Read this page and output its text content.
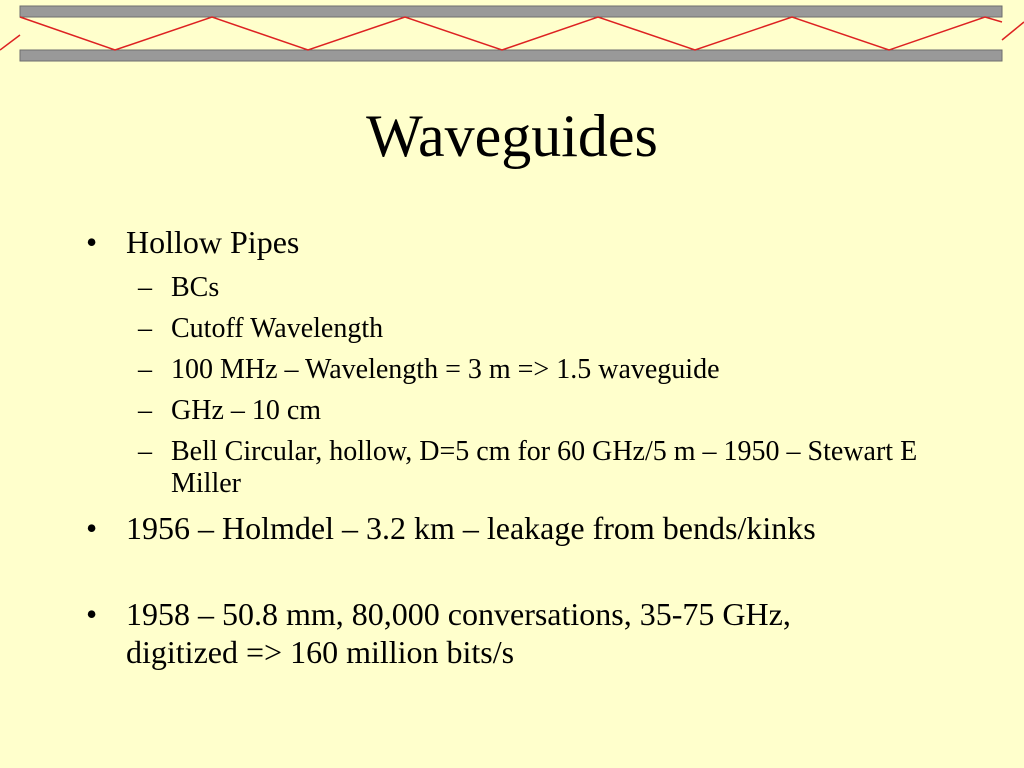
Waveguides
• Hollow Pipes
– BCs
– Cutoff Wavelength
– 100 MHz – Wavelength = 3 m => 1.5 waveguide
– GHz – 10 cm
– Bell Circular, hollow, D=5 cm for 60 GHz/5 m – 1950 – Stewart E Miller
• 1956 – Holmdel – 3.2 km – leakage from bends/kinks
• 1958 – 50.8 mm, 80,000 conversations, 35-75 GHz, digitized => 160 million bits/s
